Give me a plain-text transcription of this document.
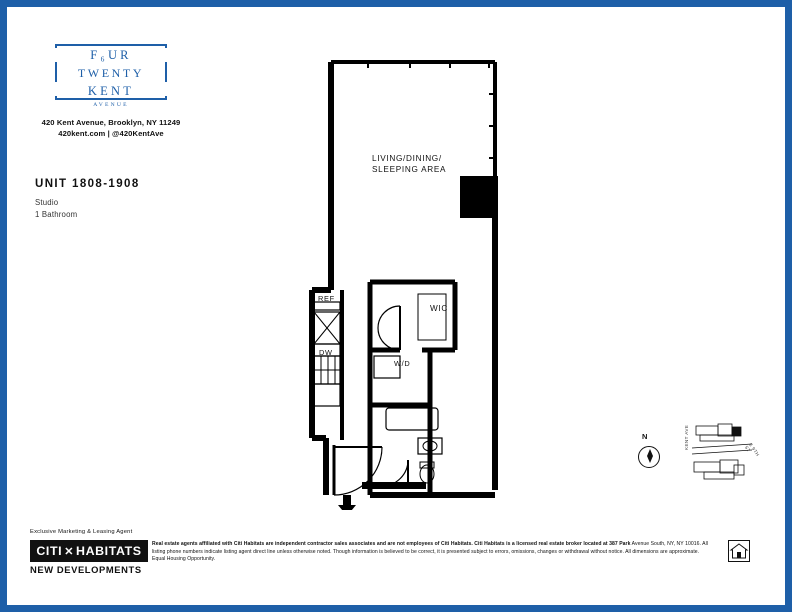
F₆UR
TWENTY
KENT
AVENUE
420 Kent Avenue, Brooklyn, NY 11249
420kent.com | @420KentAve
UNIT 1808-1908
Studio
1 Bathroom
LIVING/DINING/
SLEEPING AREA
WIC
REF
DW
W/D
N	KENT AVE	S 9TH ST
Exclusive Marketing & Leasing Agent
CITI ✕ HABITATS
NEW DEVELOPMENTS
Real estate agents affiliated with Citi Habitats are independent contractor sales associates and are not employees of Citi Habitats. Citi Habitats is a licensed real estate broker located at 387 Park Avenue South, NY, NY 10016. All listing phone numbers indicate listing agent direct line unless otherwise noted. Though information is believed to be correct, it is presented subject to errors, omissions, changes or withdrawal without notice. All dimensions are approximate. Equal Housing Opportunity.
